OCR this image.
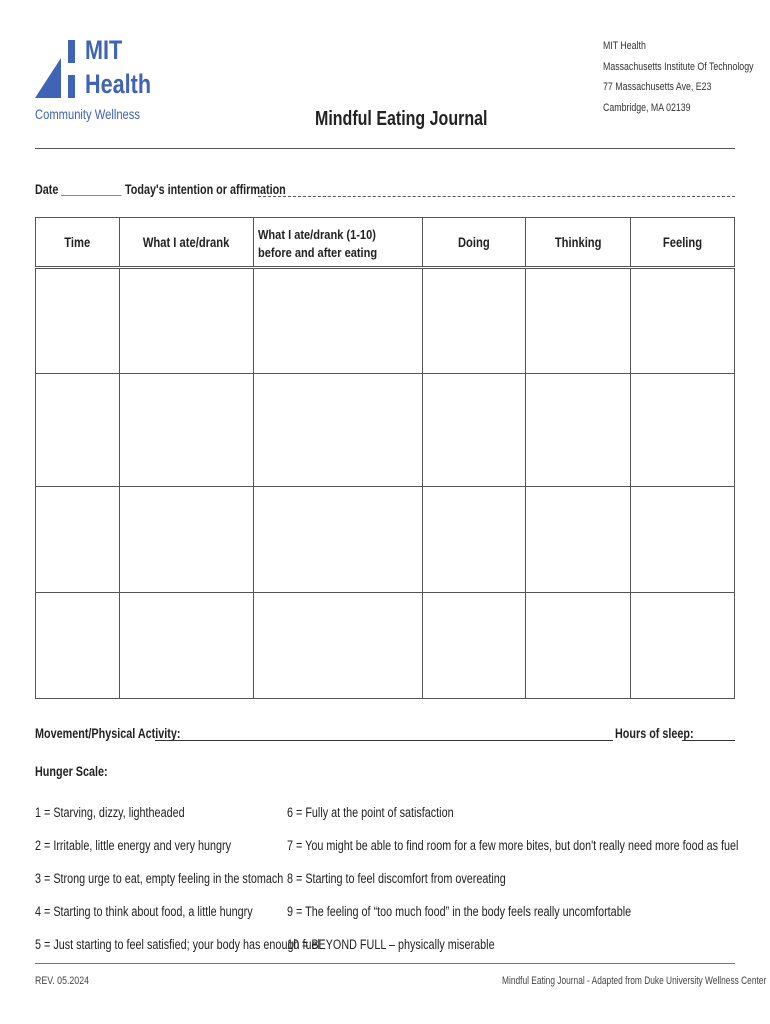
MIT
Health
Community Wellness
MIT Health
Massachusetts Institute Of Technology
77 Massachusetts Ave, E23
Cambridge, MA 02139
Mindful Eating Journal
Date __________ Today's intention or affirmation
Time	What I ate/drank	What I ate/drank (1-10) before and after eating	Doing	Thinking	Feeling

Movement/Physical Activity:	Hours of sleep:
Hunger Scale:
1 = Starving, dizzy, lightheaded
2 = Irritable, little energy and very hungry
3 = Strong urge to eat, empty feeling in the stomach
4 = Starting to think about food, a little hungry
5 = Just starting to feel satisfied; your body has enough fuel
6 = Fully at the point of satisfaction
7 = You might be able to find room for a few more bites, but don't really need more food as fuel
8 = Starting to feel discomfort from overeating
9 = The feeling of “too much food” in the body feels really uncomfortable
10 = BEYOND FULL – physically miserable
REV. 05.2024	Mindful Eating Journal - Adapted from Duke University Wellness Center
